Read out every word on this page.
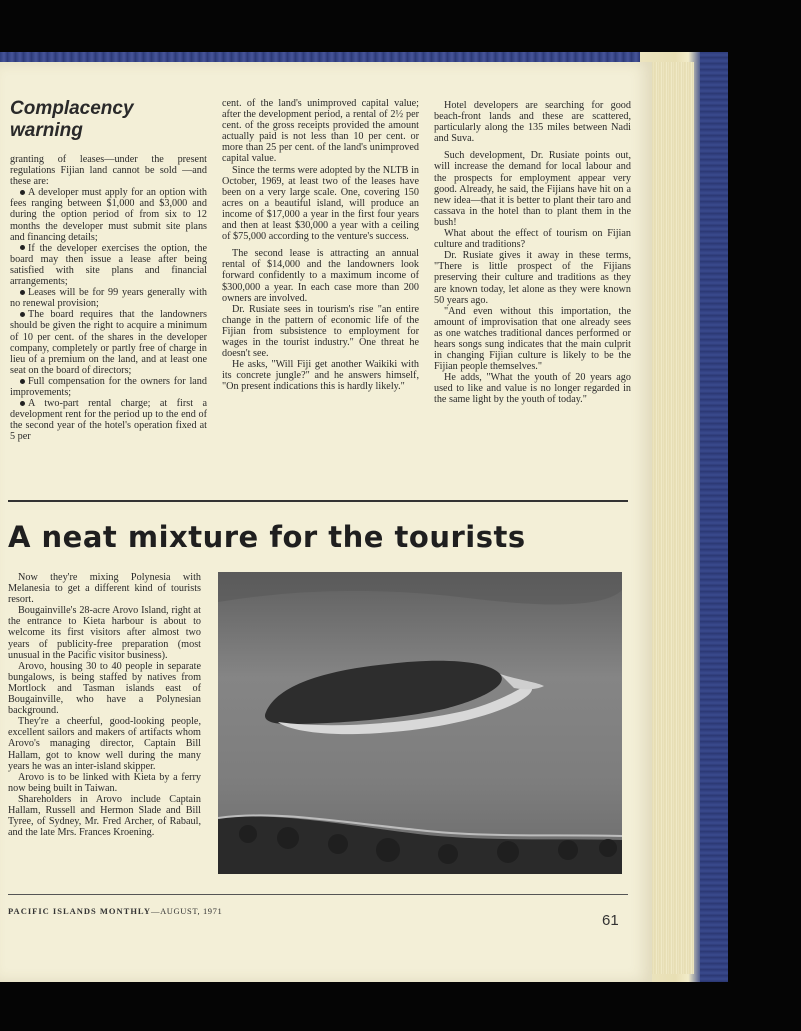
Complacency warning

granting of leases—under the present regulations Fijian land cannot be sold —and these are:

A developer must apply for an option with fees ranging between $1,000 and $3,000 and during the option period of from six to 12 months the developer must submit site plans and financing details;

If the developer exercises the option, the board may then issue a lease after being satisfied with site plans and financial arrangements;

Leases will be for 99 years generally with no renewal provision;

The board requires that the landowners should be given the right to acquire a minimum of 10 per cent. of the shares in the developer company, completely or partly free of charge in lieu of a premium on the land, and at least one seat on the board of directors;

Full compensation for the owners for land improvements;

A two-part rental charge; at first a development rent for the period up to the end of the second year of the hotel's operation fixed at 5 per

cent. of the land's unimproved capital value; after the development period, a rental of 2½ per cent. of the gross receipts provided the amount actually paid is not less than 10 per cent. or more than 25 per cent. of the land's unimproved capital value.

Since the terms were adopted by the NLTB in October, 1969, at least two of the leases have been on a very large scale. One, covering 150 acres on a beautiful island, will produce an income of $17,000 a year in the first four years and then at least $30,000 a year with a ceiling of $75,000 according to the venture's success.

The second lease is attracting an annual rental of $14,000 and the landowners look forward confidently to a maximum income of $300,000 a year. In each case more than 200 owners are involved.

Dr. Rusiate sees in tourism's rise "an entire change in the pattern of economic life of the Fijian from subsistence to employment for wages in the tourist industry." One threat he doesn't see.

He asks, "Will Fiji get another Waikiki with its concrete jungle?" and he answers himself, "On present indications this is hardly likely."

Hotel developers are searching for good beach-front lands and these are scattered, particularly along the 135 miles between Nadi and Suva.

Such development, Dr. Rusiate points out, will increase the demand for local labour and the prospects for employment appear very good. Already, he said, the Fijians have hit on a new idea—that it is better to plant their taro and cassava in the hotel than to plant them in the bush!

What about the effect of tourism on Fijian culture and traditions?

Dr. Rusiate gives it away in these terms, "There is little prospect of the Fijians preserving their culture and traditions as they are known today, let alone as they were known 50 years ago.

"And even without this importation, the amount of improvisation that one already sees as one watches traditional dances performed or hears songs sung indicates that the main culprit in changing Fijian culture is likely to be the Fijian people themselves."

He adds, "What the youth of 20 years ago used to like and value is no longer regarded in the same light by the youth of today."

A neat mixture for the tourists

Now they're mixing Polynesia with Melanesia to get a different kind of tourists resort.

Bougainville's 28-acre Arovo Island, right at the entrance to Kieta harbour is about to welcome its first visitors after almost two years of publicity-free preparation (most unusual in the Pacific visitor business).

Arovo, housing 30 to 40 people in separate bungalows, is being staffed by natives from Mortlock and Tasman islands east of Bougainville, who have a Polynesian background.

They're a cheerful, good-looking people, excellent sailors and makers of artifacts whom Arovo's managing director, Captain Bill Hallam, got to know well during the many years he was an inter-island skipper.

Arovo is to be linked with Kieta by a ferry now being built in Taiwan.

Shareholders in Arovo include Captain Hallam, Russell and Hermon Slade and Bill Tyree, of Sydney, Mr. Fred Archer, of Rabaul, and the late Mrs. Frances Kroening.

PACIFIC ISLANDS MONTHLY—AUGUST, 1971
61
